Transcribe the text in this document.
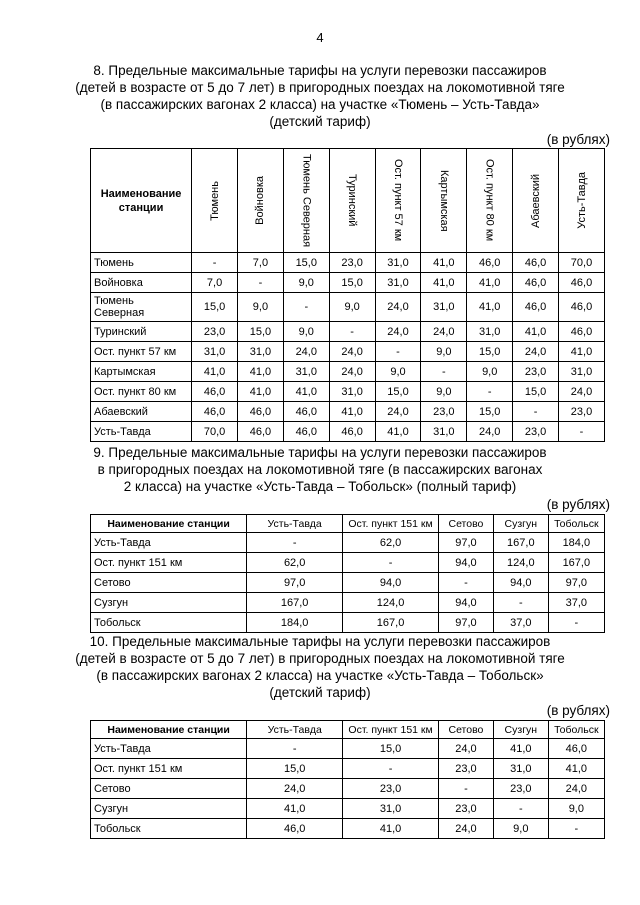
4
8. Предельные максимальные тарифы на услуги перевозки пассажиров
(детей в возрасте от 5 до 7 лет) в пригородных поездах на локомотивной тяге
(в пассажирских вагонах 2 класса) на участке «Тюмень – Усть-Тавда»
(детский тариф)
(в рублях)
Наименование
станции	Тюмень	Войновка	Тюмень Северная	Туринский	Ост. пункт 57 км	Картымская	Ост. пункт 80 км	Абаевский	Усть-Тавда

Тюмень	-	7,0	15,0	23,0	31,0	41,0	46,0	46,0	70,0

Войновка	7,0	-	9,0	15,0	31,0	41,0	41,0	46,0	46,0

Тюмень
Северная	15,0	9,0	-	9,0	24,0	31,0	41,0	46,0	46,0

Туринский	23,0	15,0	9,0	-	24,0	24,0	31,0	41,0	46,0

Ост. пункт 57 км	31,0	31,0	24,0	24,0	-	9,0	15,0	24,0	41,0

Картымская	41,0	41,0	31,0	24,0	9,0	-	9,0	23,0	31,0

Ост. пункт 80 км	46,0	41,0	41,0	31,0	15,0	9,0	-	15,0	24,0

Абаевский	46,0	46,0	46,0	41,0	24,0	23,0	15,0	-	23,0

Усть-Тавда	70,0	46,0	46,0	46,0	41,0	31,0	24,0	23,0	-
9. Предельные максимальные тарифы на услуги перевозки пассажиров
в пригородных поездах на локомотивной тяге (в пассажирских вагонах
2 класса) на участке «Усть-Тавда – Тобольск» (полный тариф)
(в рублях)
Наименование станции	Усть-Тавда	Ост. пункт 151 км	Сетово	Сузгун	Тобольск
Усть-Тавда	-	62,0	97,0	167,0	184,0
Ост. пункт 151 км	62,0	-	94,0	124,0	167,0
Сетово	97,0	94,0	-	94,0	97,0
Сузгун	167,0	124,0	94,0	-	37,0
Тобольск	184,0	167,0	97,0	37,0	-
10. Предельные максимальные тарифы на услуги перевозки пассажиров
(детей в возрасте от 5 до 7 лет) в пригородных поездах на локомотивной тяге
(в пассажирских вагонах 2 класса) на участке «Усть-Тавда – Тобольск»
(детский тариф)
(в рублях)
Наименование станции	Усть-Тавда	Ост. пункт 151 км	Сетово	Сузгун	Тобольск
Усть-Тавда	-	15,0	24,0	41,0	46,0
Ост. пункт 151 км	15,0	-	23,0	31,0	41,0
Сетово	24,0	23,0	-	23,0	24,0
Сузгун	41,0	31,0	23,0	-	9,0
Тобольск	46,0	41,0	24,0	9,0	-
